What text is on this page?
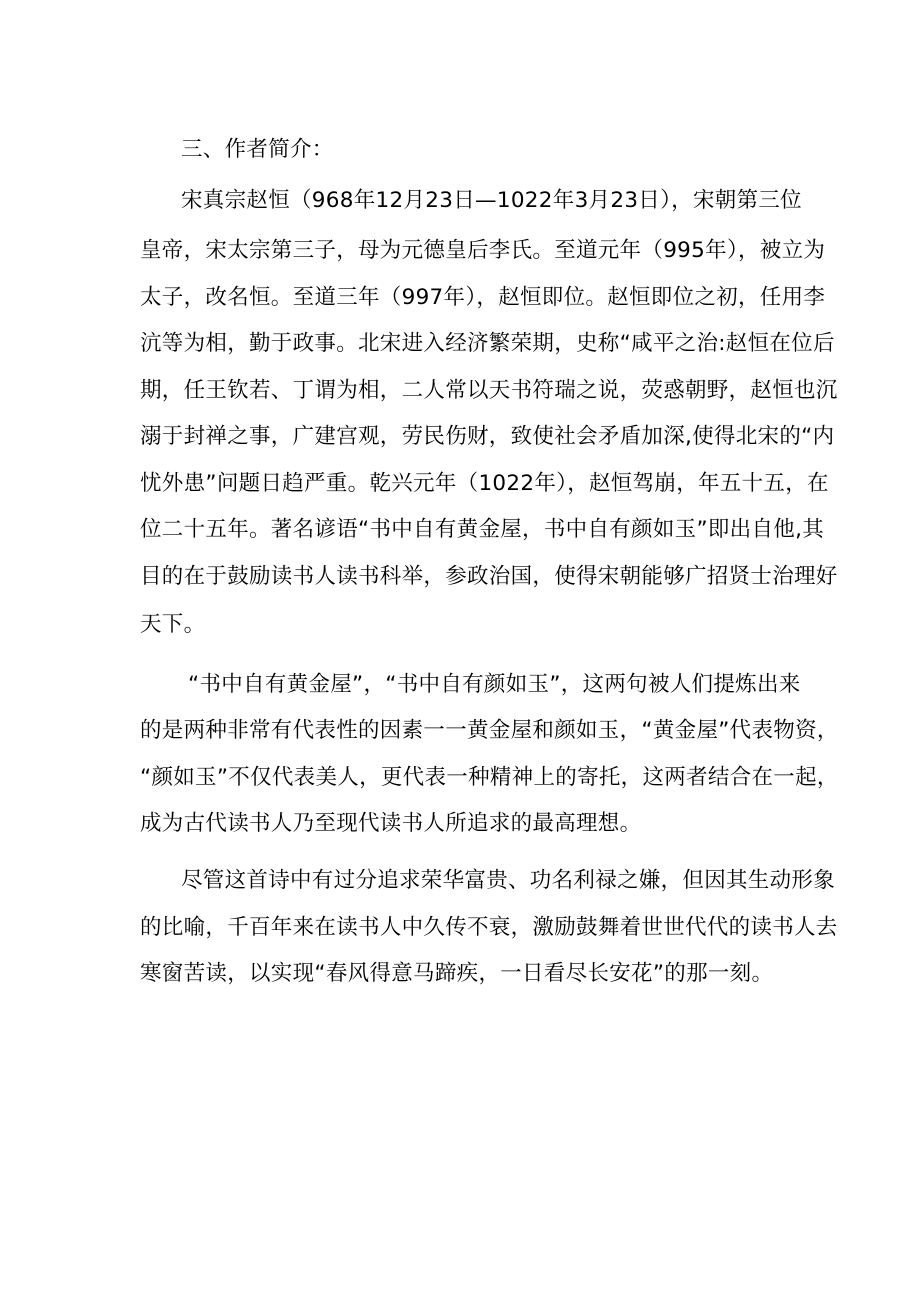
三、作者简介：

宋真宗赵恒（968年12月23日—1022年3月23日），宋朝第三位

皇帝，宋太宗第三子，母为元德皇后李氏。至道元年（995年），被立为

太子，改名恒。至道三年（997年），赵恒即位。赵恒即位之初，任用李

沆等为相，勤于政事。北宋进入经济繁荣期，史称“咸平之治:赵恒在位后

期，任王钦若、丁谓为相，二人常以天书符瑞之说，荧惑朝野，赵恒也沉

溺于封禅之事，广建宫观，劳民伤财，致使社会矛盾加深,使得北宋的“内

忧外患”问题日趋严重。乾兴元年（1022年），赵恒驾崩，年五十五，在

位二十五年。著名谚语“书中自有黄金屋，书中自有颜如玉”即出自他,其

目的在于鼓励读书人读书科举，参政治国，使得宋朝能够广招贤士治理好

天下。

“书中自有黄金屋”，“书中自有颜如玉”，这两句被人们提炼出来

的是两种非常有代表性的因素一一黄金屋和颜如玉，“黄金屋”代表物资，

“颜如玉”不仅代表美人，更代表一种精神上的寄托，这两者结合在一起，

成为古代读书人乃至现代读书人所追求的最高理想。

尽管这首诗中有过分追求荣华富贵、功名利禄之嫌，但因其生动形象

的比喻，千百年来在读书人中久传不衰，激励鼓舞着世世代代的读书人去

寒窗苦读，以实现“春风得意马蹄疾，一日看尽长安花”的那一刻。
